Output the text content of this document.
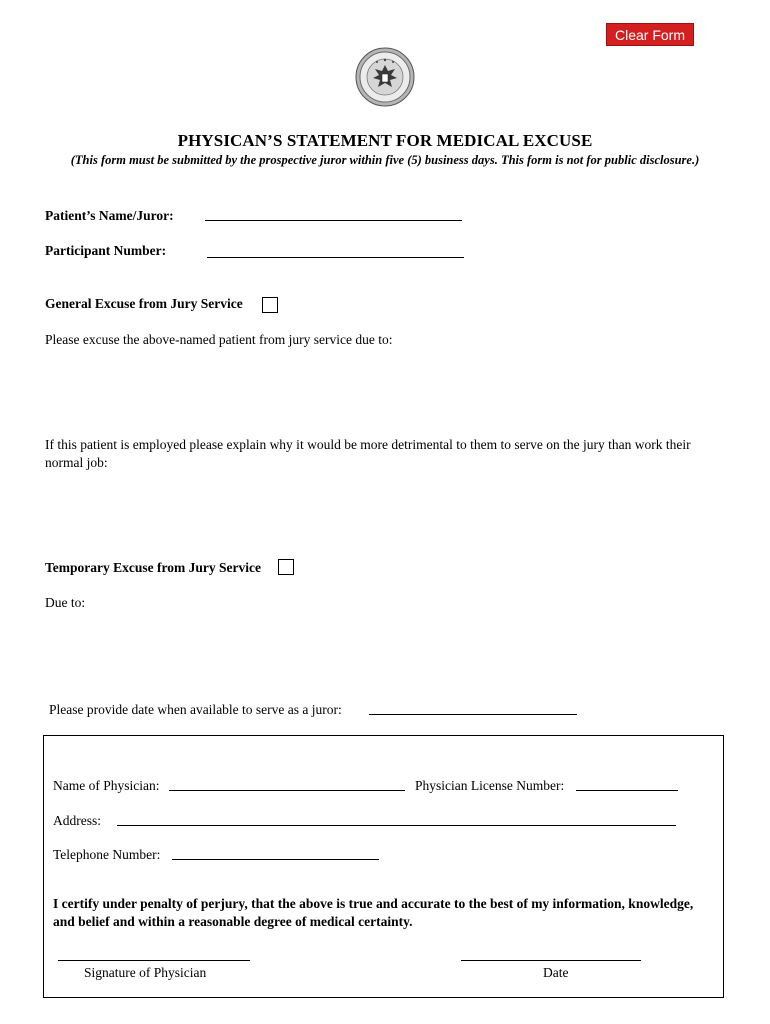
Clear Form
PHYSICAN’S STATEMENT FOR MEDICAL EXCUSE
(This form must be submitted by the prospective juror within five (5) business days. This form is not for public disclosure.)
Patient’s Name/Juror:
Participant Number:
General Excuse from Jury Service
Please excuse the above-named patient from jury service due to:
If this patient is employed please explain why it would be more detrimental to them to serve on the jury than work their normal job:
Temporary Excuse from Jury Service
Due to:
Please provide date when available to serve as a juror:
Name of Physician:	Physician License Number:
Address:
Telephone Number:
I certify under penalty of perjury, that the above is true and accurate to the best of my information, knowledge, and belief and within a reasonable degree of medical certainty.
Signature of Physician	Date
